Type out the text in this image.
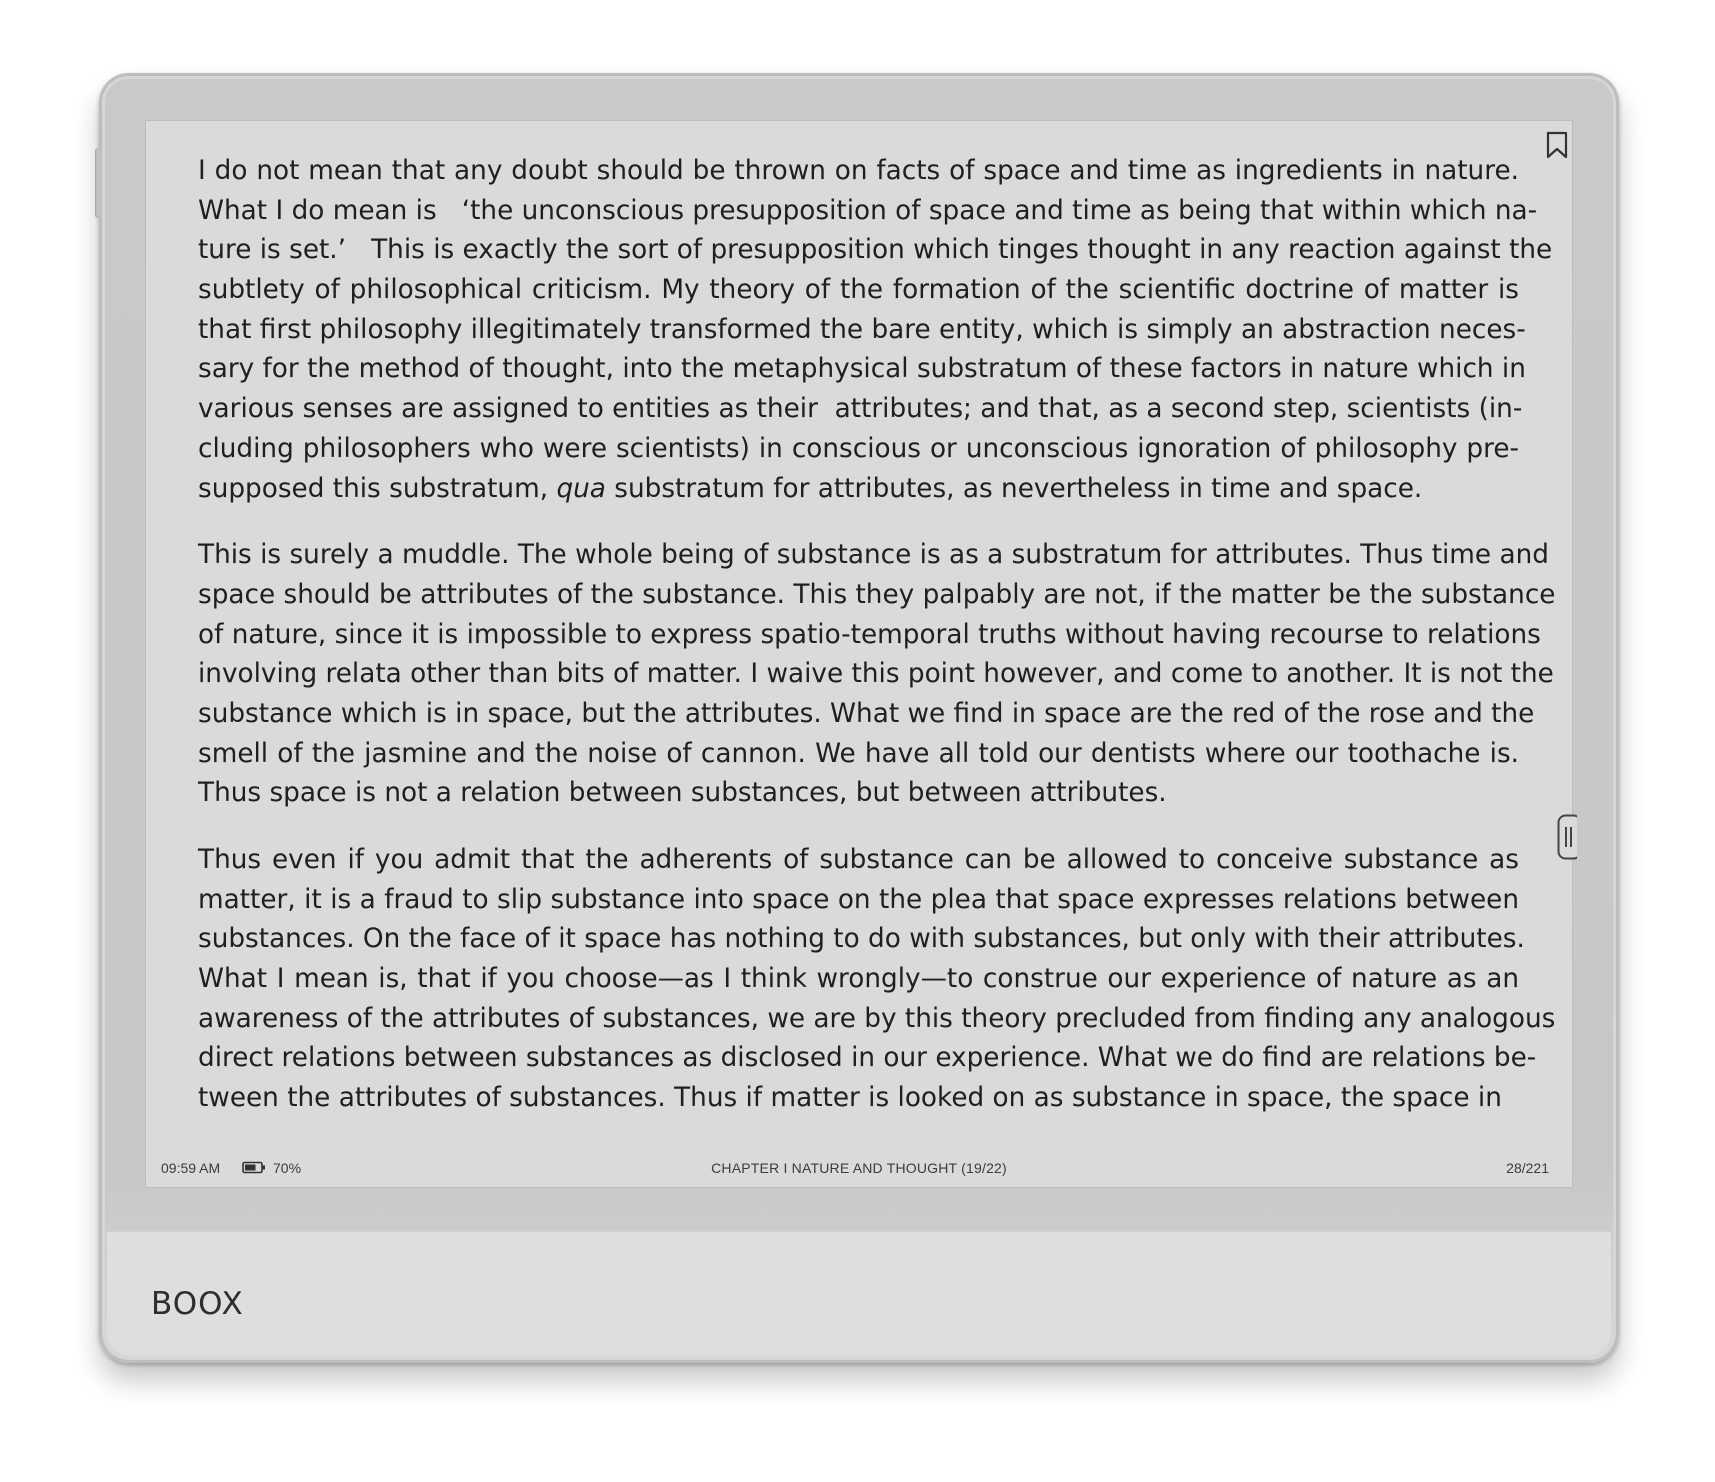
I do not mean that any doubt should be thrown on facts of space and time as ingredients in nature.
What I do mean is   ‘the unconscious presupposition of space and time as being that within which na-
ture is set.’   This is exactly the sort of presupposition which tinges thought in any reaction against the
subtlety of philosophical criticism. My theory of the formation of the scientific doctrine of matter is
that first philosophy illegitimately transformed the bare entity, which is simply an abstraction neces-
sary for the method of thought, into the metaphysical substratum of these factors in nature which in
various senses are assigned to entities as their  attributes; and that, as a second step, scientists (in-
cluding philosophers who were scientists) in conscious or unconscious ignoration of philosophy pre-
supposed this substratum, qua substratum for attributes, as nevertheless in time and space.
This is surely a muddle. The whole being of substance is as a substratum for attributes. Thus time and
space should be attributes of the substance. This they palpably are not, if the matter be the substance
of nature, since it is impossible to express spatio-temporal truths without having recourse to relations
involving relata other than bits of matter. I waive this point however, and come to another. It is not the
substance which is in space, but the attributes. What we find in space are the red of the rose and the
smell of the jasmine and the noise of cannon. We have all told our dentists where our toothache is.
Thus space is not a relation between substances, but between attributes.
Thus even if you admit that the adherents of substance can be allowed to conceive substance as
matter, it is a fraud to slip substance into space on the plea that space expresses relations between
substances. On the face of it space has nothing to do with substances, but only with their attributes.
What I mean is, that if you choose—as I think wrongly—to construe our experience of nature as an
awareness of the attributes of substances, we are by this theory precluded from finding any analogous
direct relations between substances as disclosed in our experience. What we do find are relations be-
tween the attributes of substances. Thus if matter is looked on as substance in space, the space in
09:59 AM	70%	CHAPTER I NATURE AND THOUGHT (19/22)	28/221
BOOX
